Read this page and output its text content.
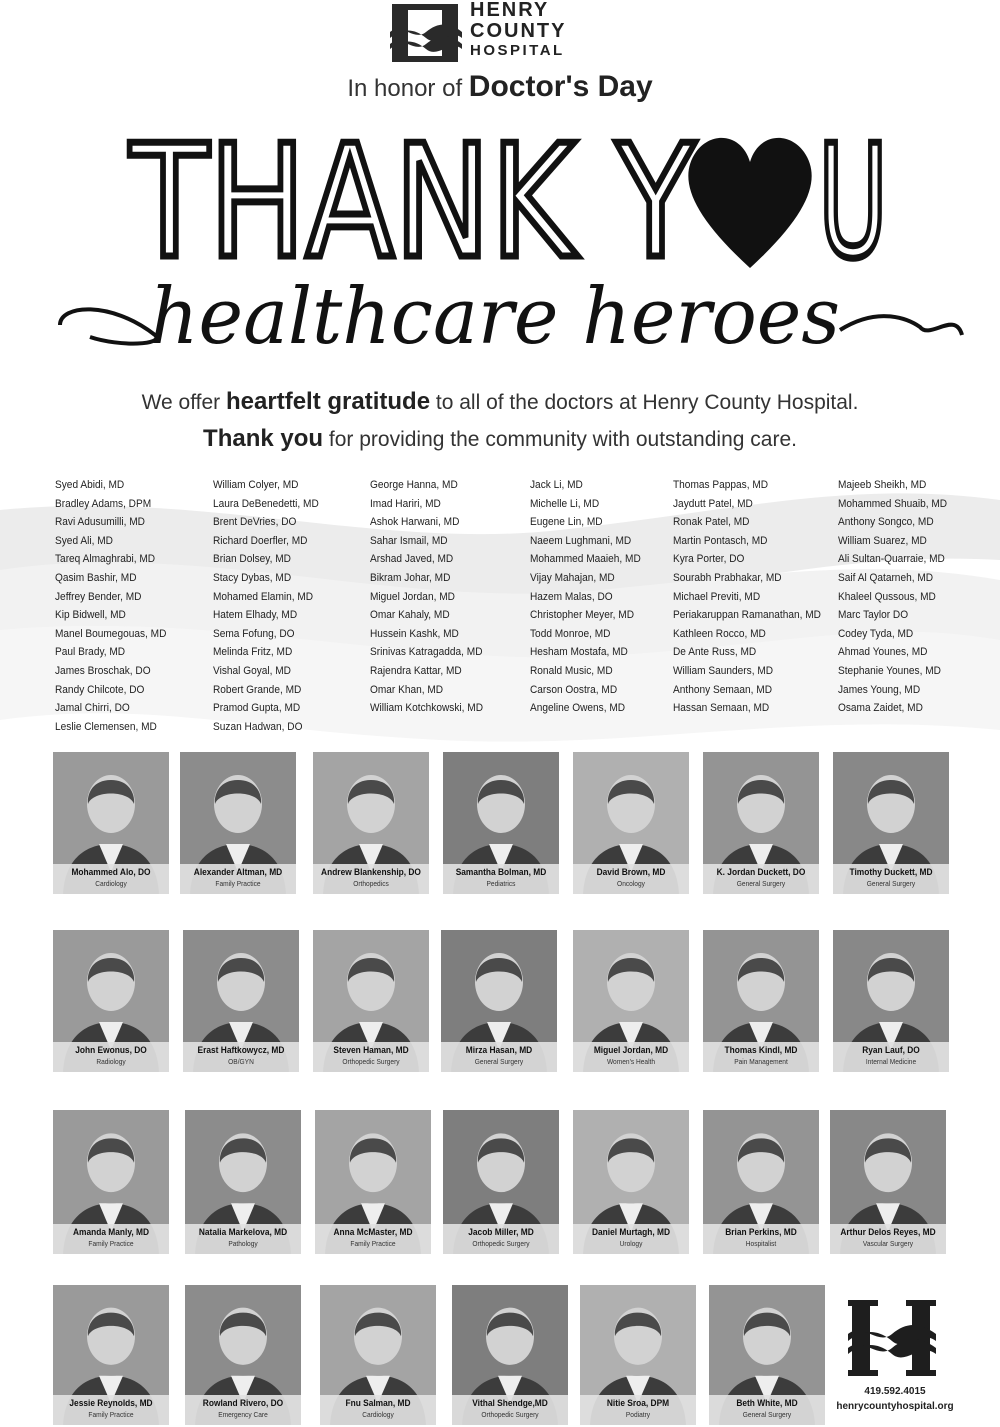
HENRY
COUNTY
HOSPITAL
In honor of Doctor's Day
THANK Y U
healthcare heroes
We offer heartfelt gratitude to all of the doctors at Henry County Hospital.
Thank you for providing the community with outstanding care.
Syed Abidi, MD
Bradley Adams, DPM
Ravi Adusumilli, MD
Syed Ali, MD
Tareq Almaghrabi, MD
Qasim Bashir, MD
Jeffrey Bender, MD
Kip Bidwell, MD
Manel Boumegouas, MD
Paul Brady, MD
James Broschak, DO
Randy Chilcote, DO
Jamal Chirri, DO
Leslie Clemensen, MD
William Colyer, MD
Laura DeBenedetti, MD
Brent DeVries, DO
Richard Doerfler, MD
Brian Dolsey, MD
Stacy Dybas, MD
Mohamed Elamin, MD
Hatem Elhady, MD
Sema Fofung, DO
Melinda Fritz, MD
Vishal Goyal, MD
Robert Grande, MD
Pramod Gupta, MD
Suzan Hadwan, DO
George Hanna, MD
Imad Hariri, MD
Ashok Harwani, MD
Sahar Ismail, MD
Arshad Javed, MD
Bikram Johar, MD
Miguel Jordan, MD
Omar Kahaly, MD
Hussein Kashk, MD
Srinivas Katragadda, MD
Rajendra Kattar, MD
Omar Khan, MD
William Kotchkowski, MD
Jack Li, MD
Michelle Li, MD
Eugene Lin, MD
Naeem Lughmani, MD
Mohammed Maaieh, MD
Vijay Mahajan, MD
Hazem Malas, DO
Christopher Meyer, MD
Todd Monroe, MD
Hesham Mostafa, MD
Ronald Music, MD
Carson Oostra, MD
Angeline Owens, MD
Thomas Pappas, MD
Jaydutt Patel, MD
Ronak Patel, MD
Martin Pontasch, MD
Kyra Porter, DO
Sourabh Prabhakar, MD
Michael Previti, MD
Periakaruppan Ramanathan, MD
Kathleen Rocco, MD
De Ante Russ, MD
William Saunders, MD
Anthony Semaan, MD
Hassan Semaan, MD
Majeeb Sheikh, MD
Mohammed Shuaib, MD
Anthony Songco, MD
William Suarez, MD
Ali Sultan-Quarraie, MD
Saif Al Qatarneh, MD
Khaleel Qussous, MD
Marc Taylor DO
Codey Tyda, MD
Ahmad Younes, MD
Stephanie Younes, MD
James Young, MD
Osama Zaidet, MD
Mohammed Alo, DO
Cardiology
Alexander Altman, MD
Family Practice
Andrew Blankenship, DO
Orthopedics
Samantha Bolman, MD
Pediatrics
David Brown, MD
Oncology
K. Jordan Duckett, DO
General Surgery
Timothy Duckett, MD
General Surgery
John Ewonus, DO
Radiology
Erast Haftkowycz, MD
OB/GYN
Steven Haman, MD
Orthopedic Surgery
Mirza Hasan, MD
General Surgery
Miguel Jordan, MD
Women's Health
Thomas Kindl, MD
Pain Management
Ryan Lauf, DO
Internal Medicine
Amanda Manly, MD
Family Practice
Natalia Markelova, MD
Pathology
Anna McMaster, MD
Family Practice
Jacob Miller, MD
Orthopedic Surgery
Daniel Murtagh, MD
Urology
Brian Perkins, MD
Hospitalist
Arthur Delos Reyes, MD
Vascular Surgery
Jessie Reynolds, MD
Family Practice
Rowland Rivero, DO
Emergency Care
Fnu Salman, MD
Cardiology
Vithal Shendge,MD
Orthopedic Surgery
Nitie Sroa, DPM
Podiatry
Beth White, MD
General Surgery
419.592.4015
henrycountyhospital.org
